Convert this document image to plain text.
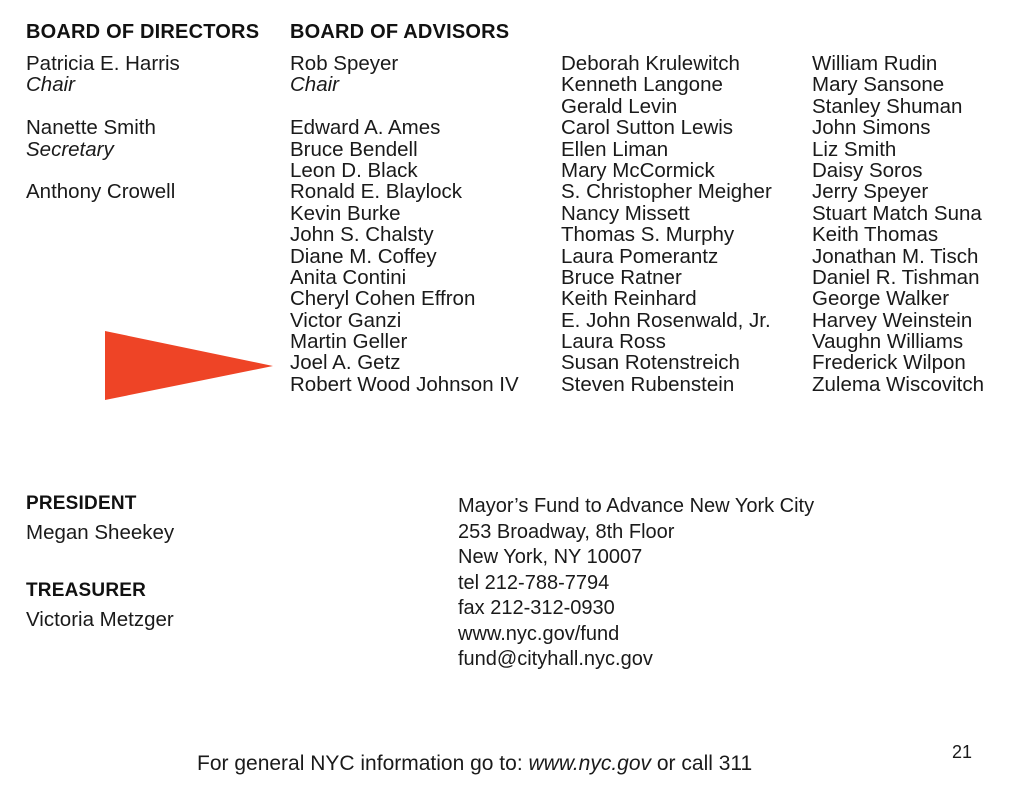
BOARD OF DIRECTORS
Patricia E. Harris
Chair
Nanette Smith
Secretary
Anthony Crowell
BOARD OF ADVISORS
Rob Speyer
Chair
Edward A. Ames
Bruce Bendell
Leon D. Black
Ronald E. Blaylock
Kevin Burke
John S. Chalsty
Diane M. Coffey
Anita Contini
Cheryl Cohen Effron
Victor Ganzi
Martin Geller
Joel A. Getz
Robert Wood Johnson IV
Deborah Krulewitch
Kenneth Langone
Gerald Levin
Carol Sutton Lewis
Ellen Liman
Mary McCormick
S. Christopher Meigher
Nancy Missett
Thomas S. Murphy
Laura Pomerantz
Bruce Ratner
Keith Reinhard
E. John Rosenwald, Jr.
Laura Ross
Susan Rotenstreich
Steven Rubenstein
William Rudin
Mary Sansone
Stanley Shuman
John Simons
Liz Smith
Daisy Soros
Jerry Speyer
Stuart Match Suna
Keith Thomas
Jonathan M. Tisch
Daniel R. Tishman
George Walker
Harvey Weinstein
Vaughn Williams
Frederick Wilpon
Zulema Wiscovitch
PRESIDENT
Megan Sheekey
TREASURER
Victoria Metzger
Mayor’s Fund to Advance New York City
253 Broadway, 8th Floor
New York, NY 10007
tel 212-788-7794
fax 212-312-0930
www.nyc.gov/fund
fund@cityhall.nyc.gov
For general NYC information go to: www.nyc.gov or call 311	21
